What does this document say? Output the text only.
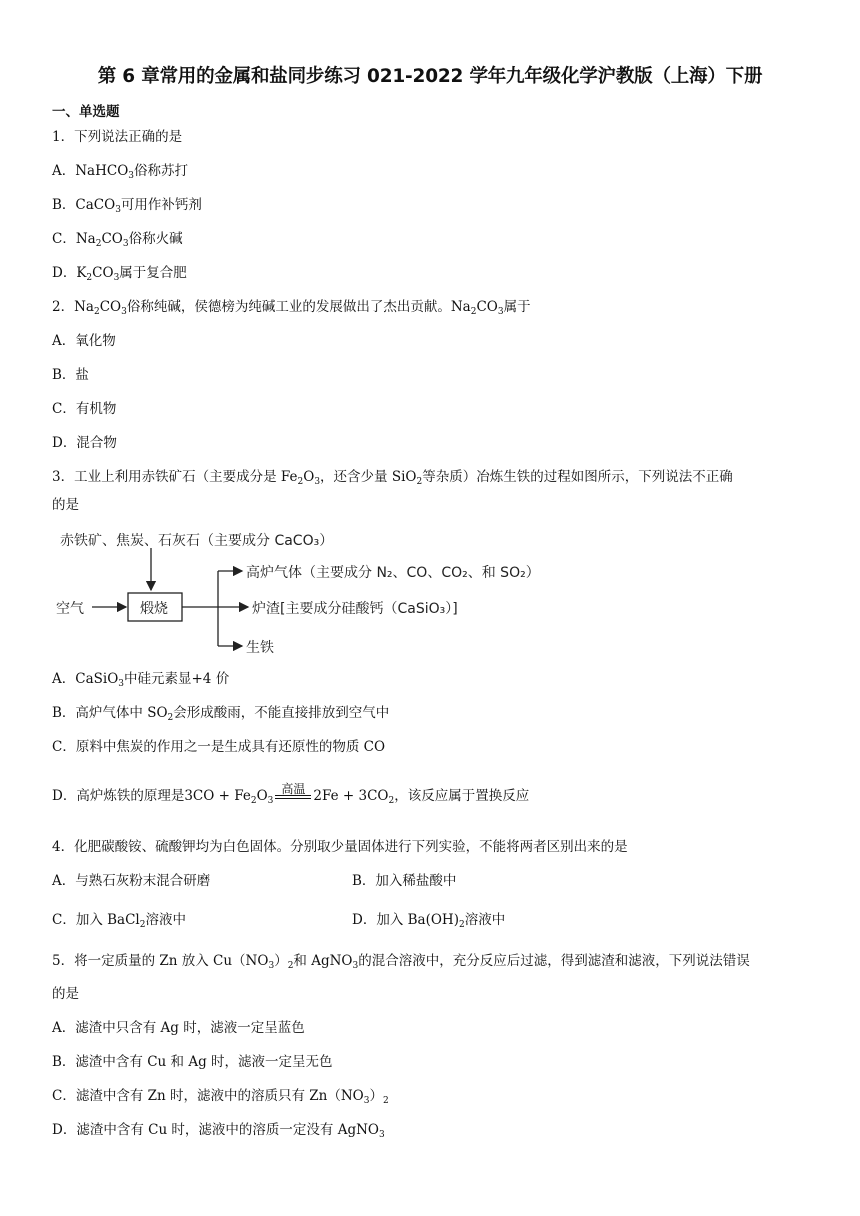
第 6 章常用的金属和盐同步练习 021-2022 学年九年级化学沪教版（上海）下册
一、单选题
1．下列说法正确的是
A．NaHCO$_3$俗称苏打
B．CaCO$_3$可用作补钙剂
C．$Na_2CO_3$俗称火碱
D．$K_2CO_3$属于复合肥
2．$Na_2CO_3$俗称纯碱，侯德榜为纯碱工业的发展做出了杰出贡献。$Na_2CO_3$属于
A．氧化物
B．盐
C．有机物
D．混合物
3．工业上利用赤铁矿石（主要成分是 $Fe_2O_3$，还含少量 SiO$_2$等杂质）冶炼生铁的过程如图所示，下列说法不正确
的是
赤铁矿、焦炭、石灰石（主要成分 CaCO₃）
空气	煅烧
高炉气体（主要成分 N₂、CO、CO₂、和 SO₂）
炉渣[主要成分硅酸钙（CaSiO₃）]
生铁
A．CaSiO$_3$中硅元素显+4 价
B．高炉气体中 $SO_2$会形成酸雨，不能直接排放到空气中
C．原料中焦炭的作用之一是生成具有还原性的物质 CO
D．高炉炼铁的原理是$3CO + Fe_2O_3$
高温 $2Fe + 3CO_2$，该反应属于置换反应
4．化肥碳酸铵、硫酸钾均为白色固体。分别取少量固体进行下列实验，不能将两者区别出来的是
A．与熟石灰粉末混合研磨	B．加入稀盐酸中
C．加入 BaCl$_2$溶液中	D．加入 $Ba(OH)_2$溶液中
5．将一定质量的 Zn 放入 $Cu(NO_3)_2$和 AgNO$_3$的混合溶液中，充分反应后过滤，得到滤渣和滤液，下列说法错误
的是
A．滤渣中只含有 Ag 时，滤液一定呈蓝色
B．滤渣中含有 Cu 和 Ag 时，滤液一定呈无色
C．滤渣中含有 Zn 时，滤液中的溶质只有 $Zn(NO_3)_2$
D．滤渣中含有 Cu 时，滤液中的溶质一定没有 AgNO$_3$
